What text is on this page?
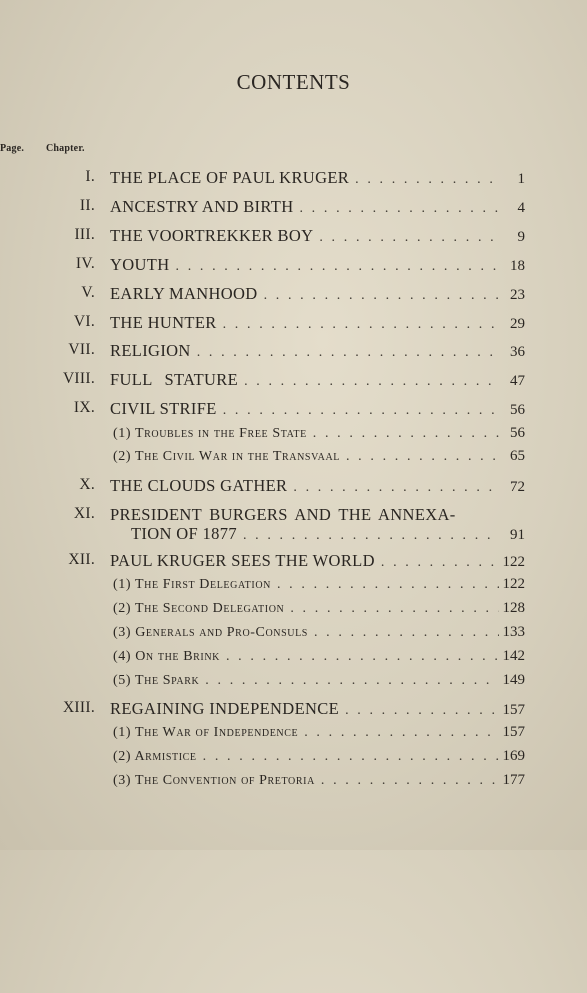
CONTENTS
Chapter.
Page.
I. THE PLACE OF PAUL KRUGER . . .	1
II. ANCESTRY AND BIRTH . . .	4
III. THE VOORTREKKER BOY . . .	9
IV. YOUTH . . .	18
V. EARLY MANHOOD . . .	23
VI. THE HUNTER . . .	29
VII. RELIGION . . .	36
VIII. FULL STATURE . . .	47
IX. CIVIL STRIFE . . .	56
(1) Troubles in the Free State . . .	56
(2) The Civil War in the Transvaal . . .	65
X. THE CLOUDS GATHER . . .	72
XI. PRESIDENT BURGERS AND THE ANNEXA-
TION OF 1877 . . .	91
XII. PAUL KRUGER SEES THE WORLD . . .	122
(1) The First Delegation . . .	122
(2) The Second Delegation . . .	128
(3) Generals and Pro-Consuls . . .	133
(4) On the Brink . . .	142
(5) The Spark . . .	149
XIII. REGAINING INDEPENDENCE . . .	157
(1) The War of Independence . . .	157
(2) Armistice . . .	169
(3) The Convention of Pretoria . . .	177
